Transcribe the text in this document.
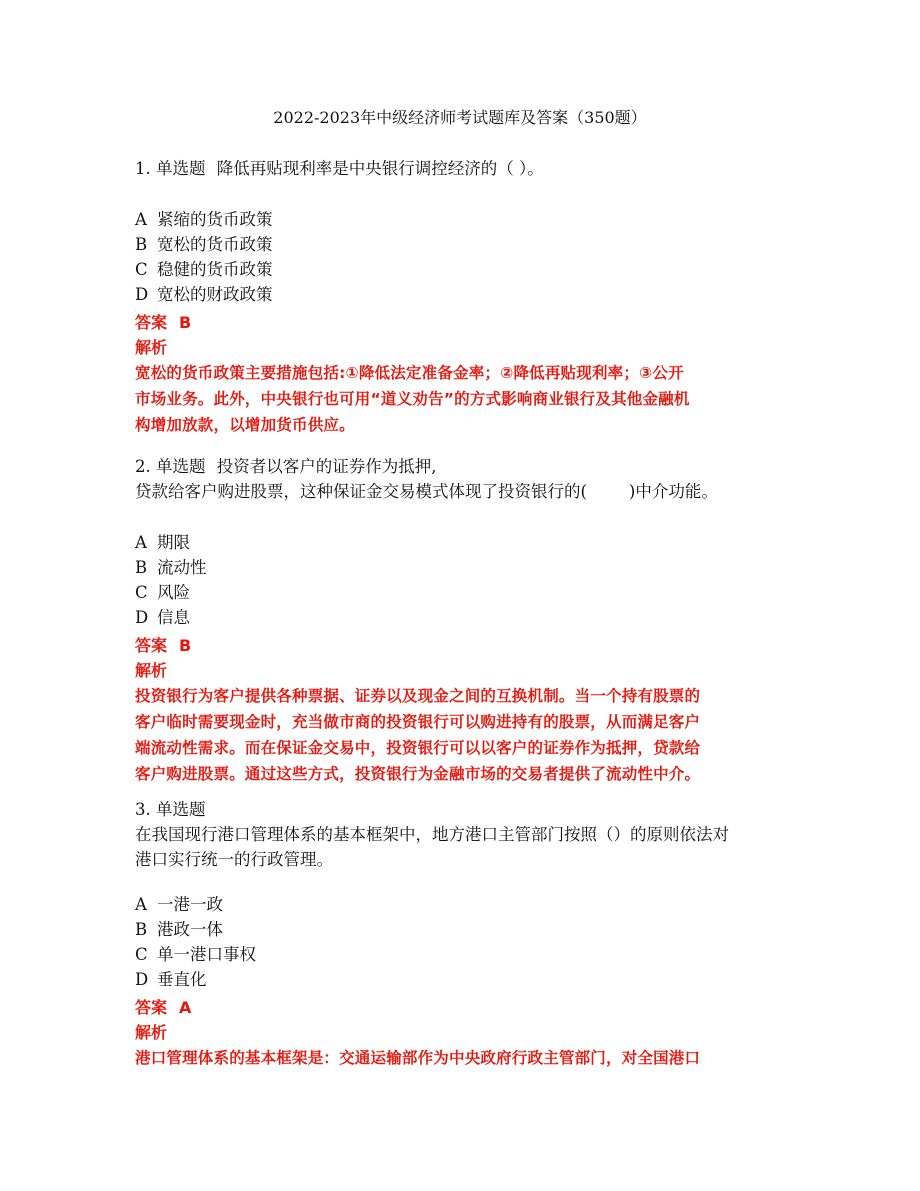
2022-2023年中级经济师考试题库及答案（350题）

1. 单选题 降低再贴现利率是中央银行调控经济的（ ）。

A 紧缩的货币政策
B 宽松的货币政策
C 稳健的货币政策
D 宽松的财政政策
答案 B
解析
宽松的货币政策主要措施包括:①降低法定准备金率；②降低再贴现利率；③公开
市场业务。此外，中央银行也可用“道义劝告”的方式影响商业银行及其他金融机
构增加放款，以增加货币供应。
2. 单选题 投资者以客户的证券作为抵押,
贷款给客户购进股票，这种保证金交易模式体现了投资银行的(        )中介功能。
A 期限
B 流动性
C 风险
D 信息
答案 B
解析
投资银行为客户提供各种票据、证券以及现金之间的互换机制。当一个持有股票的
客户临时需要现金时，充当做市商的投资银行可以购进持有的股票，从而满足客户
端流动性需求。而在保证金交易中，投资银行可以以客户的证券作为抵押，贷款给
客户购进股票。通过这些方式，投资银行为金融市场的交易者提供了流动性中介。
3. 单选题
在我国现行港口管理体系的基本框架中，地方港口主管部门按照（）的原则依法对
港口实行统一的行政管理。
A 一港一政
B 港政一体
C 单一港口事权
D 垂直化
答案 A
解析
港口管理体系的基本框架是：交通运输部作为中央政府行政主管部门，对全国港口
